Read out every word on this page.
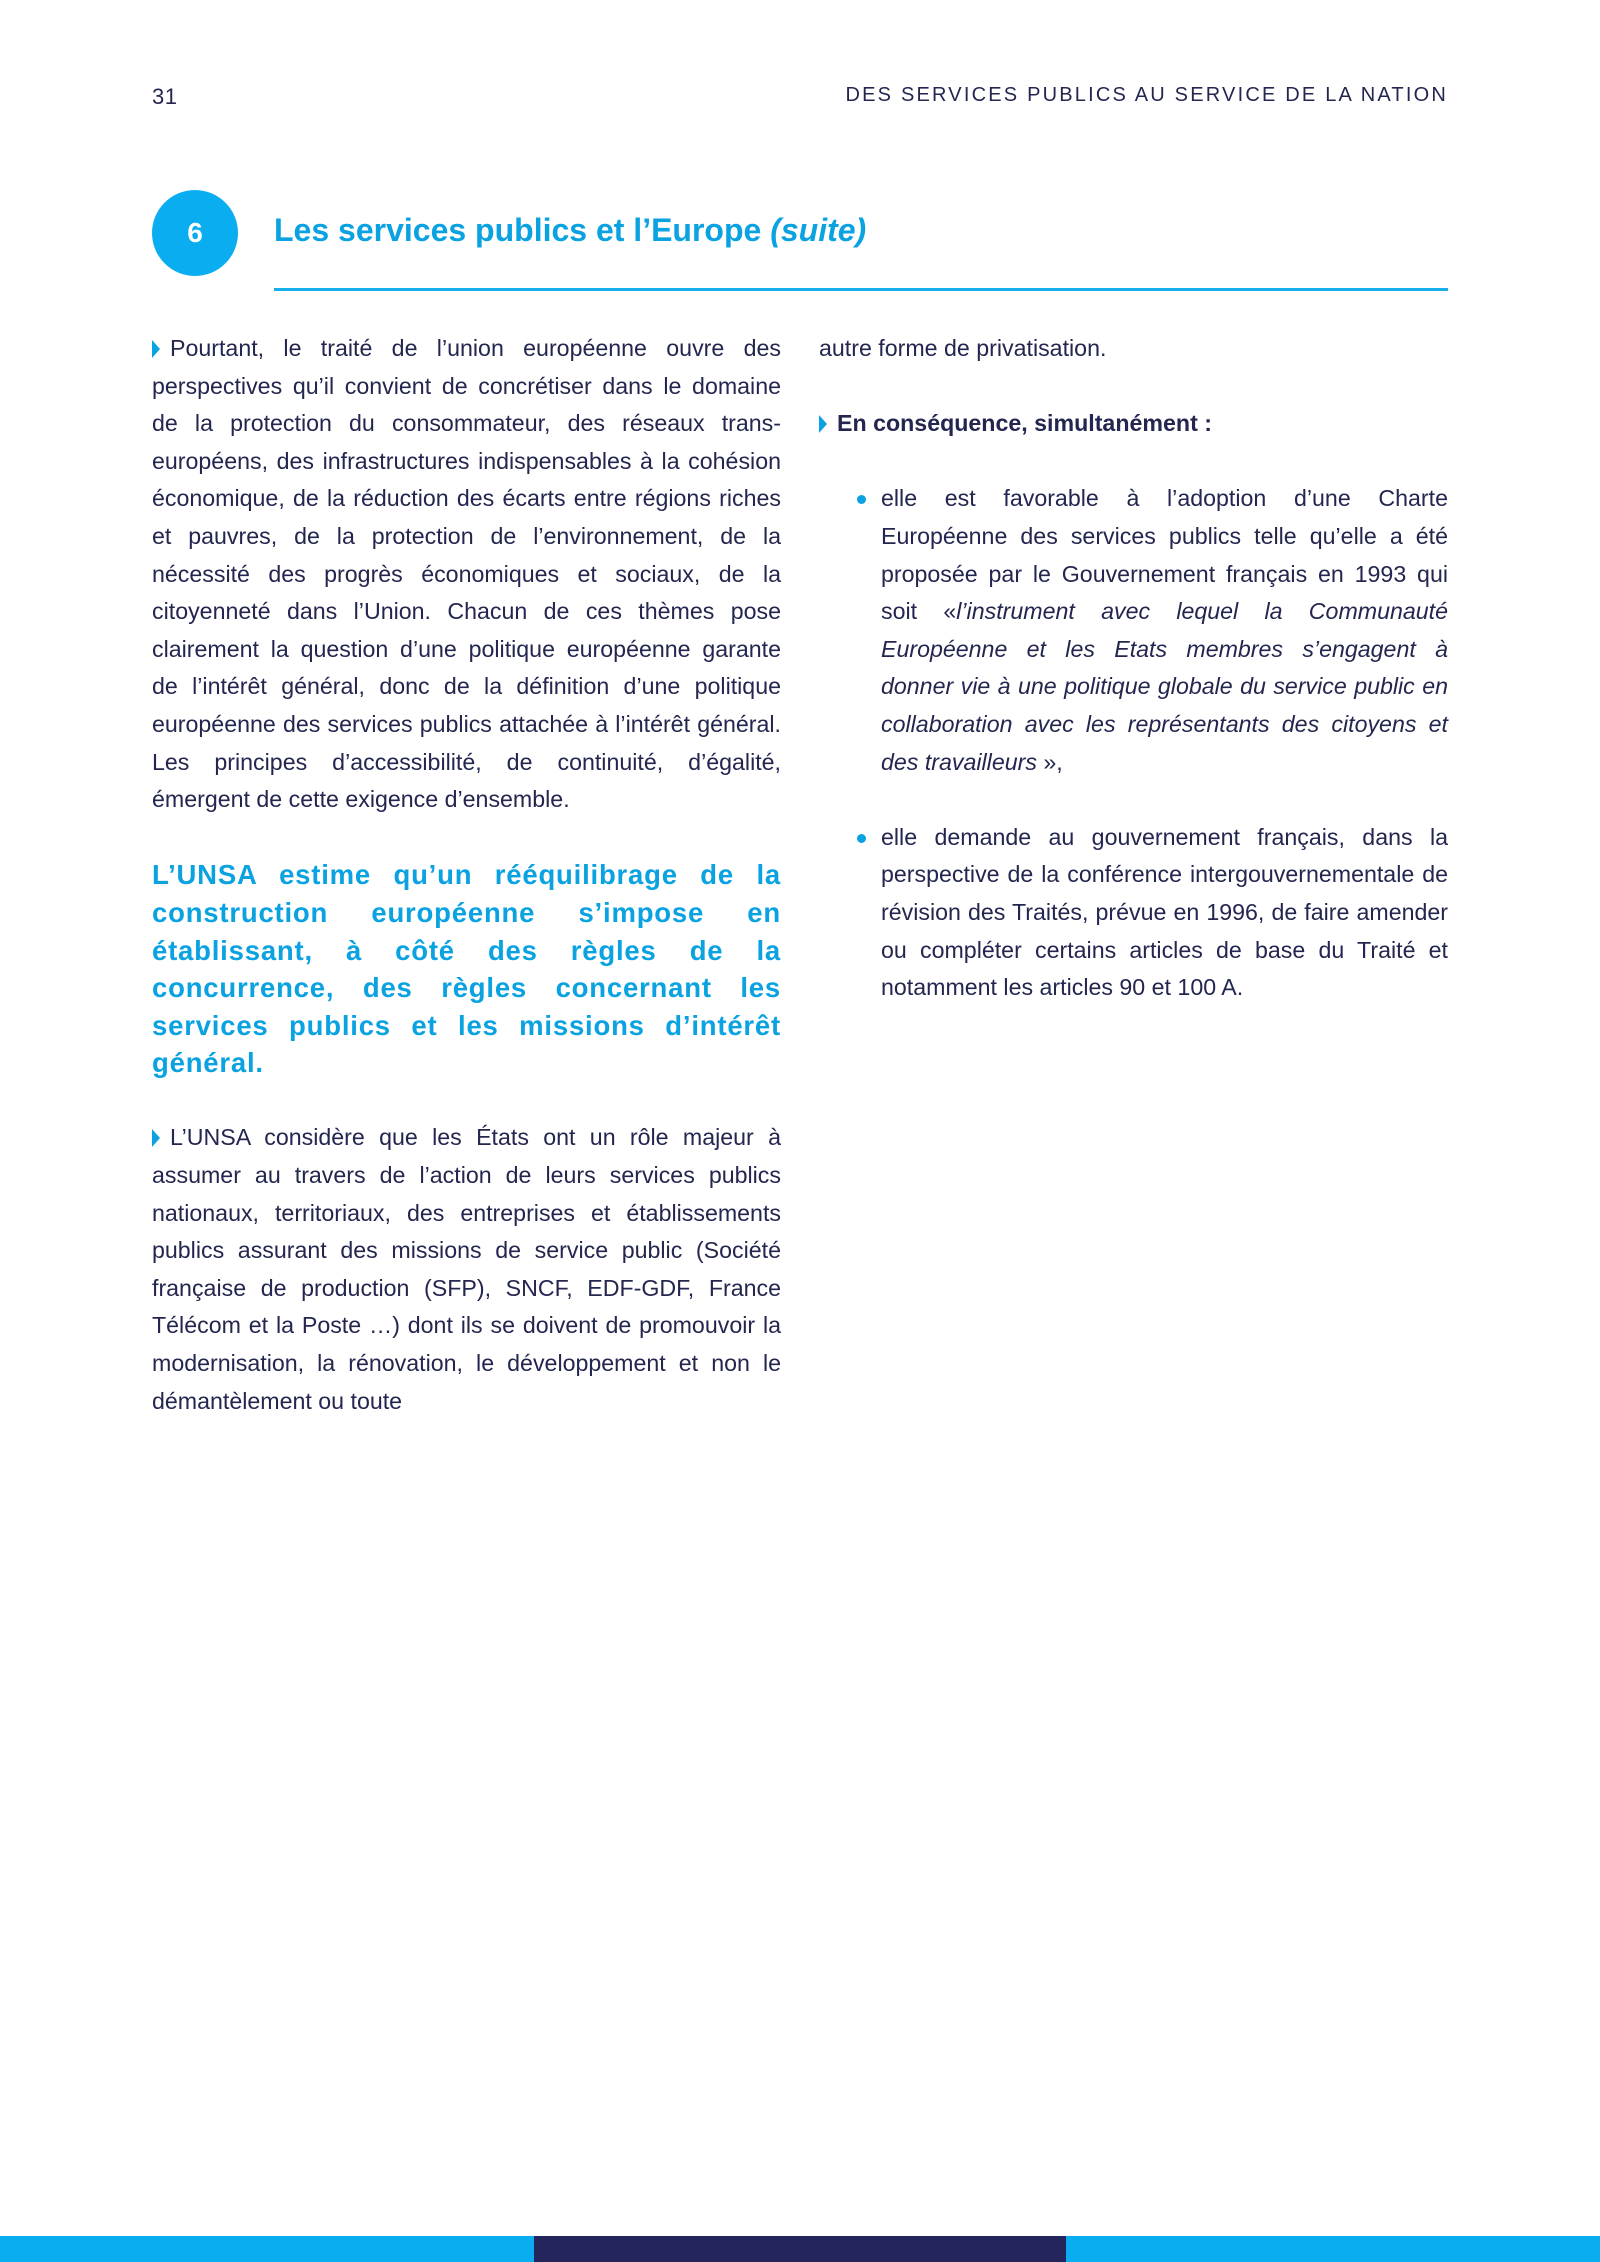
31	DES SERVICES PUBLICS AU SERVICE DE LA NATION
6 Les services publics et l’Europe (suite)

Pourtant, le traité de l’union européenne ouvre des perspectives qu’il convient de concrétiser dans le domaine de la protection du consommateur, des réseaux trans-européens, des infrastructures indispensables à la cohésion économique, de la réduction des écarts entre régions riches et pauvres, de la protection de l’environnement, de la nécessité des progrès économiques et sociaux, de la citoyenneté dans l’Union. Chacun de ces thèmes pose clairement la question d’une politique européenne garante de l’intérêt général, donc de la définition d’une politique européenne des services publics attachée à l’intérêt général. Les principes d’accessibilité, de continuité, d’égalité, émergent de cette exigence d’ensemble.

L’UNSA estime qu’un rééquilibrage de la construction européenne s’impose en établissant, à côté des règles de la concurrence, des règles concernant les services publics et les missions d’intérêt général.

L’UNSA considère que les États ont un rôle majeur à assumer au travers de l’action de leurs services publics nationaux, territoriaux, des entreprises et établissements publics assurant des missions de service public (Société française de production (SFP), SNCF, EDF-GDF, France Télécom et la Poste …) dont ils se doivent de promouvoir la modernisation, la rénovation, le développement et non le démantèlement ou toute

autre forme de privatisation.

En conséquence, simultanément :

elle est favorable à l’adoption d’une Charte Européenne des services publics telle qu’elle a été proposée par le Gouvernement français en 1993 qui soit «l’instrument avec lequel la Communauté Européenne et les Etats membres s’engagent à donner vie à une politique globale du service public en collaboration avec les représentants des citoyens et des travailleurs »,
elle demande au gouvernement français, dans la perspective de la conférence intergouvernementale de révision des Traités, prévue en 1996, de faire amender ou compléter certains articles de base du Traité et notamment les articles 90 et 100 A.
